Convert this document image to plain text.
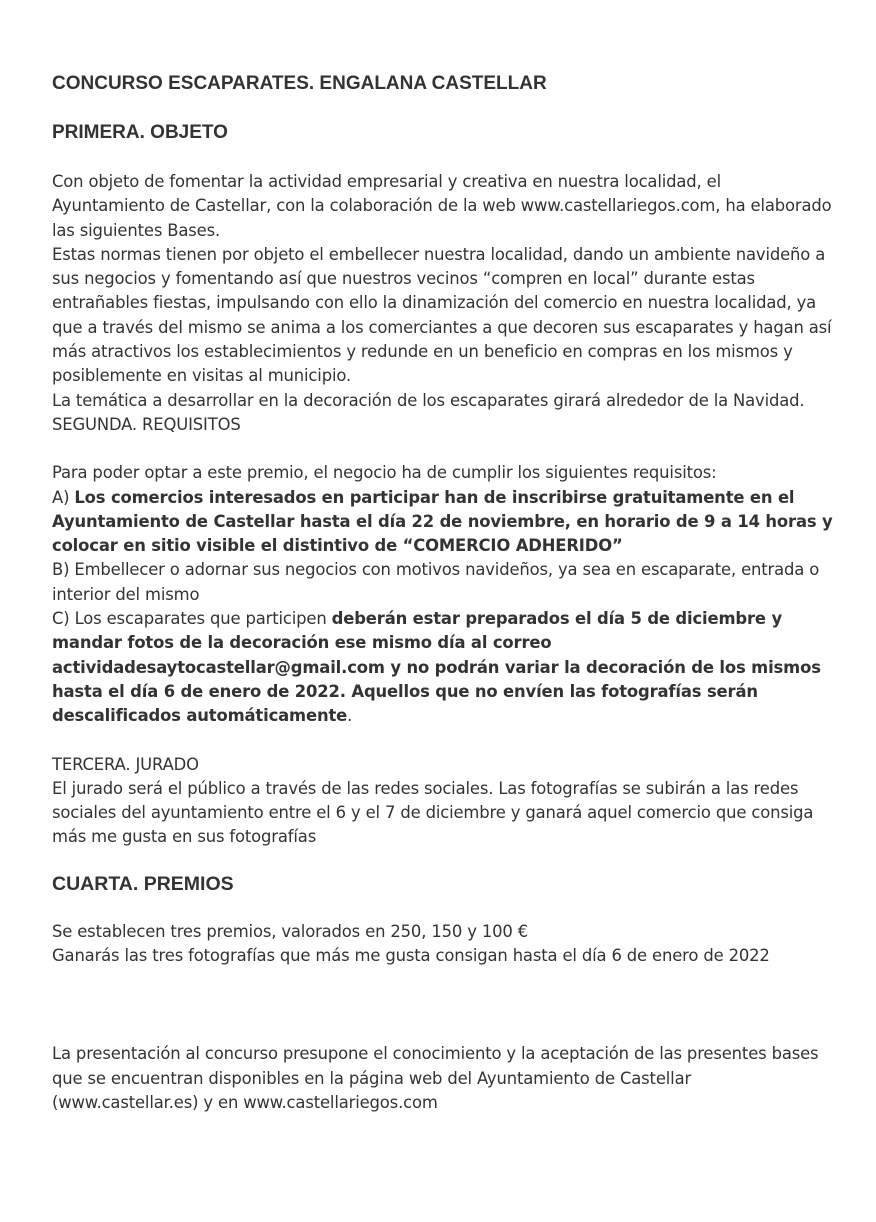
CONCURSO ESCAPARATES. ENGALANA CASTELLAR
PRIMERA. OBJETO

Con objeto de fomentar la actividad empresarial y creativa en nuestra localidad, el Ayuntamiento de Castellar, con la colaboración de la web www.castellariegos.com, ha elaborado las siguientes Bases.

Estas normas tienen por objeto el embellecer nuestra localidad, dando un ambiente navideño a sus negocios y fomentando así que nuestros vecinos “compren en local” durante estas entrañables fiestas, impulsando con ello la dinamización del comercio en nuestra localidad, ya que a través del mismo se anima a los comerciantes a que decoren sus escaparates y hagan así más atractivos los establecimientos y redunde en un beneficio en compras en los mismos y posiblemente en visitas al municipio.

La temática a desarrollar en la decoración de los escaparates girará alrededor de la Navidad.

SEGUNDA. REQUISITOS

Para poder optar a este premio, el negocio ha de cumplir los siguientes requisitos:

A) Los comercios interesados en participar han de inscribirse gratuitamente en el Ayuntamiento de Castellar hasta el día 22 de noviembre, en horario de 9 a 14 horas y colocar en sitio visible el distintivo de “COMERCIO ADHERIDO”

B) Embellecer o adornar sus negocios con motivos navideños, ya sea en escaparate, entrada o interior del mismo

C) Los escaparates que participen deberán estar preparados el día 5 de diciembre y mandar fotos de la decoración ese mismo día al correo actividadesaytocastellar@gmail.com y no podrán variar la decoración de los mismos hasta el día 6 de enero de 2022. Aquellos que no envíen las fotografías serán descalificados automáticamente.

TERCERA. JURADO

El jurado será el público a través de las redes sociales. Las fotografías se subirán a las redes sociales del ayuntamiento entre el 6 y el 7 de diciembre y ganará aquel comercio que consiga más me gusta en sus fotografías

CUARTA. PREMIOS

Se establecen tres premios, valorados en 250, 150 y 100 €

Ganarás las tres fotografías que más me gusta consigan hasta el día 6 de enero de 2022

La presentación al concurso presupone el conocimiento y la aceptación de las presentes bases que se encuentran disponibles en la página web del Ayuntamiento de Castellar (www.castellar.es) y en www.castellariegos.com
